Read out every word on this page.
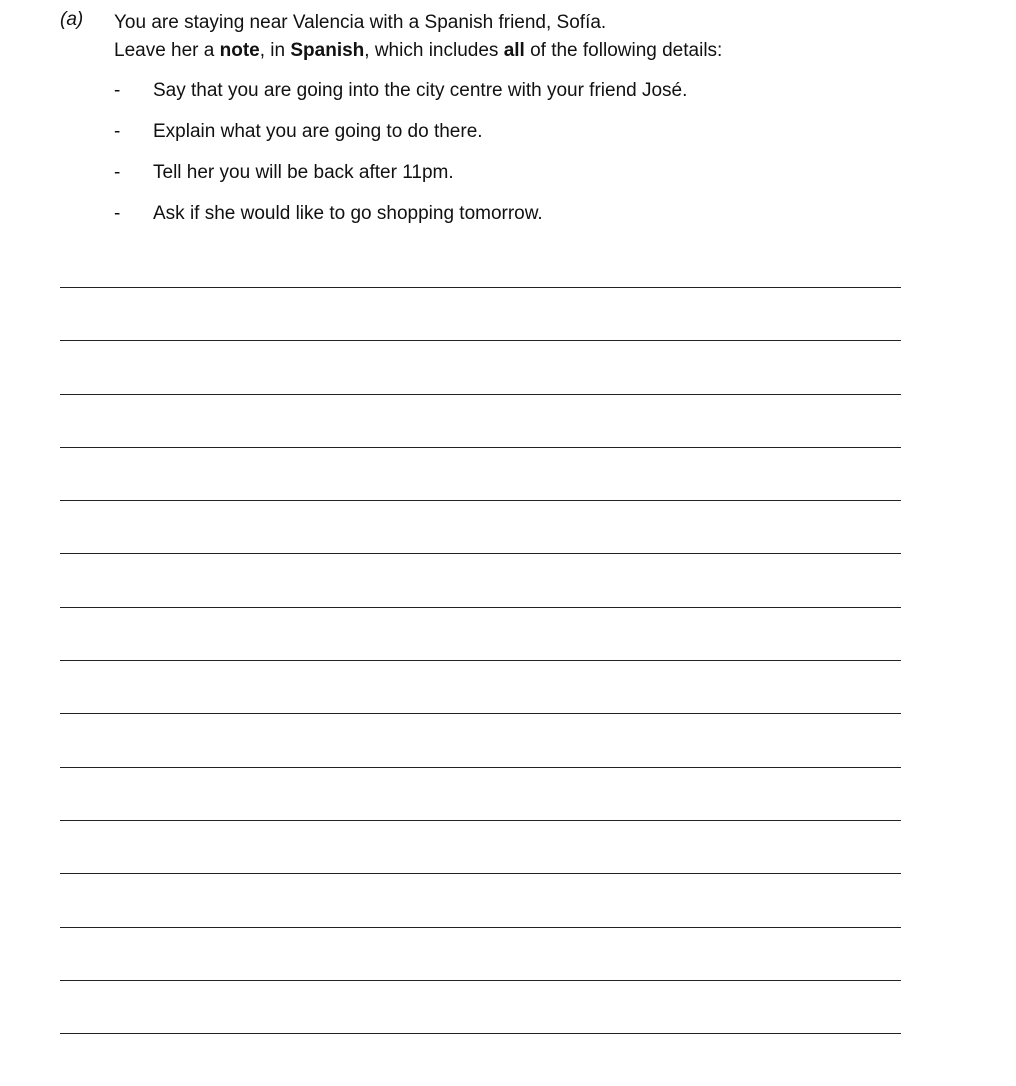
(a) You are staying near Valencia with a Spanish friend, Sofía.
Leave her a note, in Spanish, which includes all of the following details:
-	Say that you are going into the city centre with your friend José.
-	Explain what you are going to do there.
-	Tell her you will be back after 11pm.
-	Ask if she would like to go shopping tomorrow.
